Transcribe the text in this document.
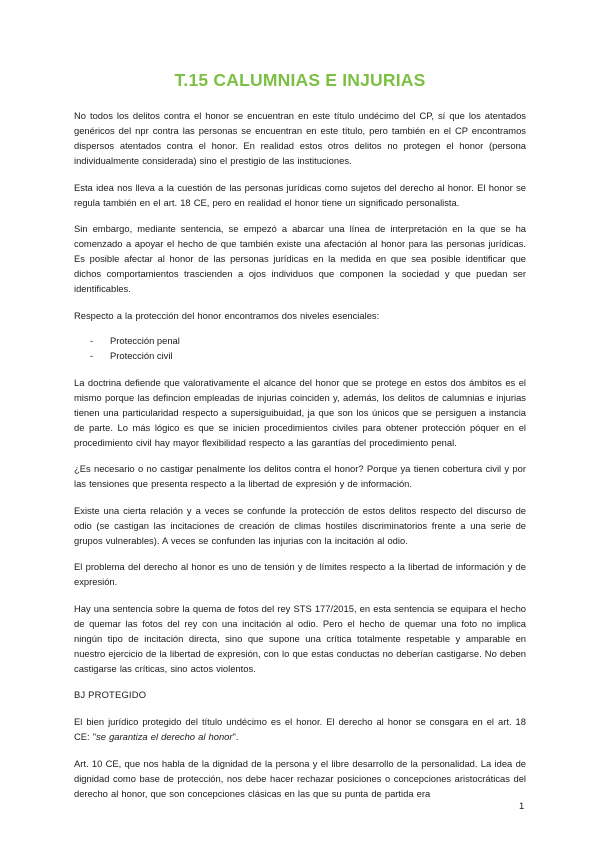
T.15 CALUMNIAS E INJURIAS

No todos los delitos contra el honor se encuentran en este título undécimo del CP, sí que los atentados genéricos del npr contra las personas se encuentran en este título, pero también en el CP encontramos dispersos atentados contra el honor. En realidad estos otros delitos no protegen el honor (persona individualmente considerada) sino el prestigio de las instituciones.

Esta idea nos lleva a la cuestión de las personas jurídicas como sujetos del derecho al honor. El honor se regula también en el art. 18 CE, pero en realidad el honor tiene un significado personalista.

Sin embargo, mediante sentencia, se empezó a abarcar una línea de interpretación en la que se ha comenzado a apoyar el hecho de que también existe una afectación al honor para las personas jurídicas. Es posible afectar al honor de las personas jurídicas en la medida en que sea posible identificar que dichos comportamientos trascienden a ojos individuos que componen la sociedad y que puedan ser identificables.

Respecto a la protección del honor encontramos dos niveles esenciales:

- Protección penal
- Protección civil

La doctrina defiende que valorativamente el alcance del honor que se protege en estos dos ámbitos es el mismo porque las defincion empleadas de injurias coinciden y, además, los delitos de calumnias e injurias tienen una particularidad respecto a supersiguibuidad, ja que son los únicos que se persiguen a instancia de parte. Lo más lógico es que se inicien procedimientos civiles para obtener protección póquer en el procedimiento civil hay mayor flexibilidad respecto a las garantías del procedimiento penal.

¿Es necesario o no castigar penalmente los delitos contra el honor? Porque ya tienen cobertura civil y por las tensiones que presenta respecto a la libertad de expresión y de información.

Existe una cierta relación y a veces se confunde la protección de estos delitos respecto del discurso de odio (se castigan las incitaciones de creación de climas hostiles discriminatorios frente a una serie de grupos vulnerables). A veces se confunden las injurias con la incitación al odio.

El problema del derecho al honor es uno de tensión y de límites respecto a la libertad de información y de expresión.

Hay una sentencia sobre la quema de fotos del rey STS 177/2015, en esta sentencia se equipara el hecho de quemar las fotos del rey con una incitación al odio. Pero el hecho de quemar una foto no implica ningún tipo de incitación directa, sino que supone una crítica totalmente respetable y amparable en nuestro ejercicio de la libertad de expresión, con lo que estas conductas no deberían castigarse. No deben castigarse las críticas, sino actos violentos.

BJ PROTEGIDO

El bien jurídico protegido del título undécimo es el honor. El derecho al honor se consgara en el art. 18 CE: "se garantiza el derecho al honor".

Art. 10 CE, que nos habla de la dignidad de la persona y el libre desarrollo de la personalidad. La idea de dignidad como base de protección, nos debe hacer rechazar posiciones o concepciones aristocráticas del derecho al honor, que son concepciones clásicas en las que su punta de partida era

1
